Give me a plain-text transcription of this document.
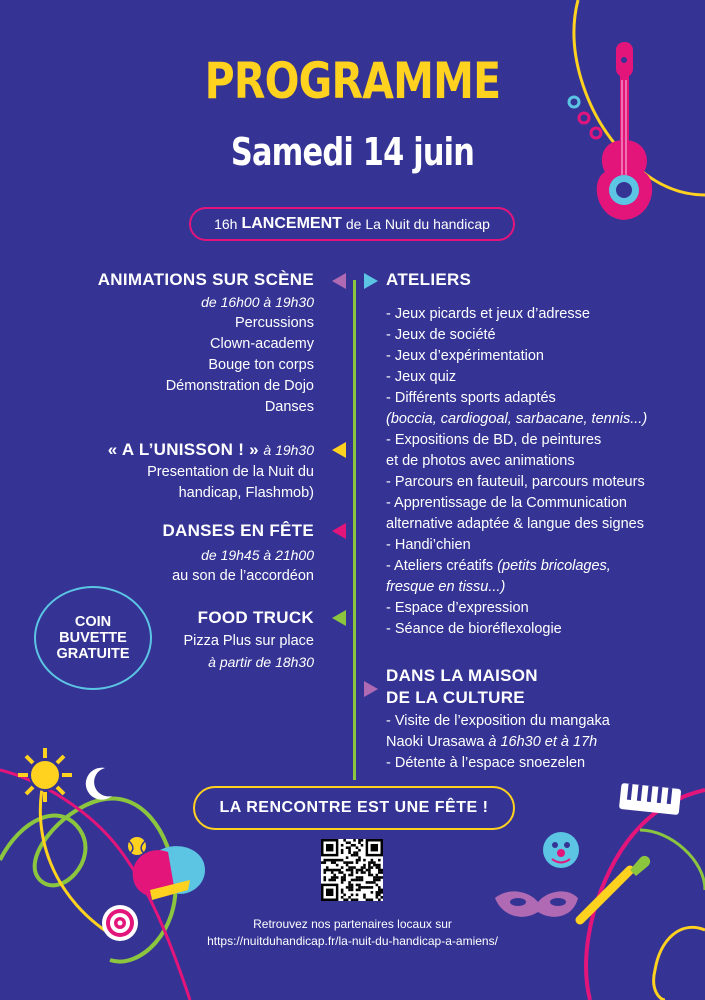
PROGRAMME
Samedi 14 juin
16h LANCEMENT de La Nuit du handicap
ANIMATIONS SUR SCÈNE
de 16h00 à 19h30
Percussions
Clown-academy
Bouge ton corps
Démonstration de Dojo
Danses
« A L’UNISSON ! » à 19h30
Presentation de la Nuit du
handicap, Flashmob)
DANSES EN FÊTE
de 19h45 à 21h00
au son de l’accordéon
FOOD TRUCK
Pizza Plus sur place
à partir de 18h30
COIN
BUVETTE
GRATUITE
ATELIERS
- Jeux picards et jeux d’adresse
- Jeux de société
- Jeux d’expérimentation
- Jeux quiz
- Différents sports adaptés
(boccia, cardiogoal, sarbacane, tennis...)
- Expositions de BD, de peintures
et de photos avec animations
- Parcours en fauteuil, parcours moteurs
- Apprentissage de la Communication
alternative adaptée & langue des signes
- Handi’chien
- Ateliers créatifs (petits bricolages,
fresque en tissu...)
- Espace d’expression
- Séance de bioréflexologie
DANS LA MAISON
DE LA CULTURE
- Visite de l’exposition du mangaka
Naoki Urasawa à 16h30 et à 17h
- Détente à l’espace snoezelen
LA RENCONTRE EST UNE FÊTE !
Retrouvez nos partenaires locaux sur
https://nuitduhandicap.fr/la-nuit-du-handicap-a-amiens/
